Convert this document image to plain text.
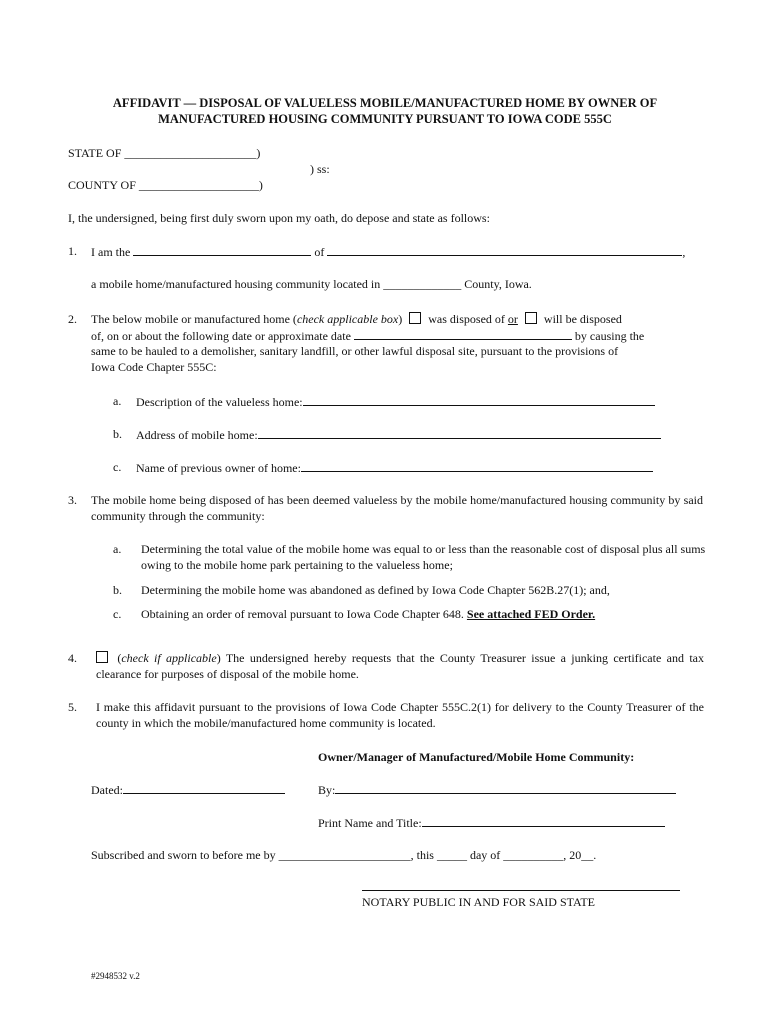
AFFIDAVIT — DISPOSAL OF VALUELESS MOBILE/MANUFACTURED HOME BY OWNER OF
MANUFACTURED HOUSING COMMUNITY PURSUANT TO IOWA CODE 555C
STATE OF ______________________)
) ss:
COUNTY OF ____________________)
I, the undersigned, being first duly sworn upon my oath, do depose and state as follows:
1. I am the	of	,
a mobile home/manufactured housing community located in _____________ County, Iowa.
2. The below mobile or manufactured home (check applicable box) was disposed of or will be disposed
of, on or about the following date or approximate date	by causing the
same to be hauled to a demolisher, sanitary landfill, or other lawful disposal site, pursuant to the provisions of
Iowa Code Chapter 555C:
a. Description of the valueless home:
b. Address of mobile home:
c. Name of previous owner of home:
3. The mobile home being disposed of has been deemed valueless by the mobile home/manufactured housing community by said community through the community:
a. Determining the total value of the mobile home was equal to or less than the reasonable cost of disposal plus all sums owing to the mobile home park pertaining to the valueless home;
b. Determining the mobile home was abandoned as defined by Iowa Code Chapter 562B.27(1); and,
c. Obtaining an order of removal pursuant to Iowa Code Chapter 648. See attached FED Order.
4.	(check if applicable) The undersigned hereby requests that the County Treasurer issue a junking certificate and tax clearance for purposes of disposal of the mobile home.
5. I make this affidavit pursuant to the provisions of Iowa Code Chapter 555C.2(1) for delivery to the County Treasurer of the county in which the mobile/manufactured home community is located.
Owner/Manager of Manufactured/Mobile Home Community:
Dated:	By:
Print Name and Title:
Subscribed and sworn to before me by ______________________, this _____ day of __________, 20__.
NOTARY PUBLIC IN AND FOR SAID STATE
#2948532 v.2
